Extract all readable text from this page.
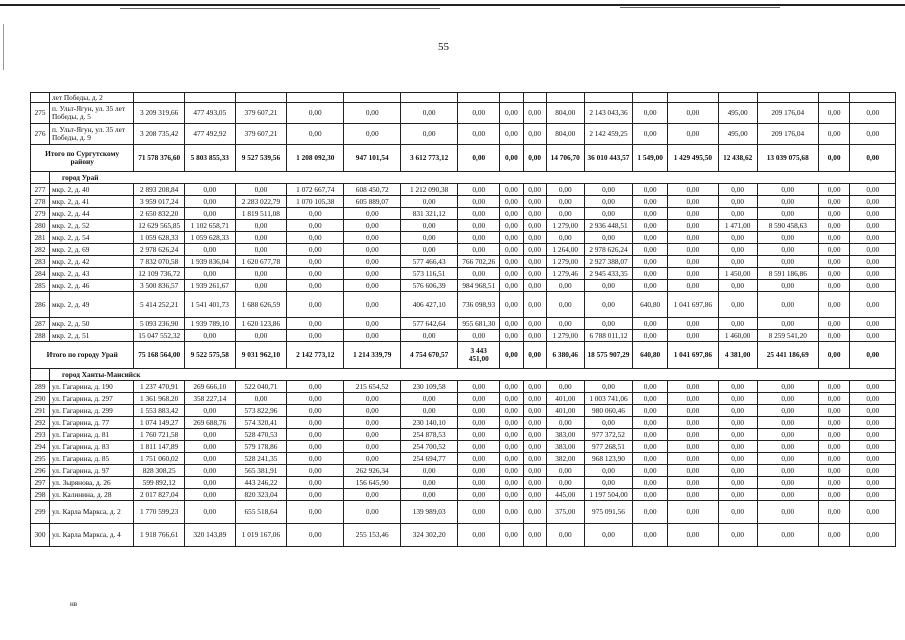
55
	лет Победы, д. 2																	
275	п. Ульт-Ягун, ул. 35 лет Победы, д. 5	3 209 319,66	477 493,05	379 607,21	0,00	0,00	0,00	0,00	0,00	0,00	804,00	2 143 043,36	0,00	0,00	495,00	209 176,04	0,00	0,00
276	п. Ульт-Ягун, ул. 35 лет Победы, д. 9	3 208 735,42	477 492,92	379 607,21	0,00	0,00	0,00	0,00	0,00	0,00	804,00	2 142 459,25	0,00	0,00	495,00	209 176,04	0,00	0,00
Итого по Сургутскому району		71 578 376,60	5 803 855,33	9 527 539,56	1 208 092,30	947 101,54	3 612 773,12	0,00	0,00	0,00	14 706,70	36 010 443,57	1 549,00	1 429 495,50	12 438,62	13 039 075,68	0,00	0,00
	город Урай																	
277	мкр. 2, д. 40	2 893 208,84	0,00	0,00	1 072 667,74	608 450,72	1 212 090,38	0,00	0,00	0,00	0,00	0,00	0,00	0,00	0,00	0,00	0,00	0,00
278	мкр. 2, д. 41	3 959 017,24	0,00	2 283 022,79	1 070 105,38	605 889,07	0,00	0,00	0,00	0,00	0,00	0,00	0,00	0,00	0,00	0,00	0,00	0,00
279	мкр. 2, д. 44	2 650 832,20	0,00	1 819 511,08	0,00	0,00	831 321,12	0,00	0,00	0,00	0,00	0,00	0,00	0,00	0,00	0,00	0,00	0,00
280	мкр. 2, д. 52	12 629 565,85	1 102 658,71	0,00	0,00	0,00	0,00	0,00	0,00	0,00	1 279,00	2 936 448,51	0,00	0,00	1 471,00	8 590 458,63	0,00	0,00
281	мкр. 2, д. 54	1 059 628,33	1 059 628,33	0,00	0,00	0,00	0,00	0,00	0,00	0,00	0,00	0,00	0,00	0,00	0,00	0,00	0,00	0,00
282	мкр. 2, д. 69	2 978 626,24	0,00	0,00	0,00	0,00	0,00	0,00	0,00	0,00	1 264,00	2 978 626,24	0,00	0,00	0,00	0,00	0,00	0,00
283	мкр. 2, д. 42	7 832 070,58	1 939 836,04	1 620 677,78	0,00	0,00	577 466,43	766 702,26	0,00	0,00	1 279,00	2 927 388,07	0,00	0,00	0,00	0,00	0,00	0,00
284	мкр. 2, д. 43	12 109 736,72	0,00	0,00	0,00	0,00	573 116,51	0,00	0,00	0,00	1 279,46	2 945 433,35	0,00	0,00	1 450,00	8 591 186,86	0,00	0,00
285	мкр. 2, д. 46	3 500 836,57	1 939 261,67	0,00	0,00	0,00	576 606,39	984 968,51	0,00	0,00	0,00	0,00	0,00	0,00	0,00	0,00	0,00	0,00
286	мкр. 2, д. 49	5 414 252,21	1 541 401,73	1 688 626,59	0,00	0,00	406 427,10	736 098,93	0,00	0,00	0,00	0,00	640,80	1 041 697,86	0,00	0,00	0,00	0,00
287	мкр. 2, д. 50	5 093 236,90	1 939 789,10	1 620 123,86	0,00	0,00	577 642,64	955 681,30	0,00	0,00	0,00	0,00	0,00	0,00	0,00	0,00	0,00	0,00
288	мкр. 2, д. 51	15 047 552,32	0,00	0,00	0,00	0,00	0,00	0,00	0,00	0,00	1 279,00	6 788 011,12	0,00	0,00	1 460,00	8 259 541,20	0,00	0,00
Итого по городу Урай		75 168 564,00	9 522 575,58	9 031 962,10	2 142 773,12	1 214 339,79	4 754 670,57	3 443 451,00	0,00	0,00	6 380,46	18 575 907,29	640,80	1 041 697,86	4 381,00	25 441 186,69	0,00	0,00
	город Ханты-Мансийск																	
289	ул. Гагарина, д. 190	1 237 470,91	269 666,10	522 040,71	0,00	215 654,52	230 109,58	0,00	0,00	0,00	0,00	0,00	0,00	0,00	0,00	0,00	0,00	0,00
290	ул. Гагарина, д. 297	1 361 968,20	358 227,14	0,00	0,00	0,00	0,00	0,00	0,00	0,00	401,00	1 003 741,06	0,00	0,00	0,00	0,00	0,00	0,00
291	ул. Гагарина, д. 299	1 553 883,42	0,00	573 822,96	0,00	0,00	0,00	0,00	0,00	0,00	401,00	980 060,46	0,00	0,00	0,00	0,00	0,00	0,00
292	ул. Гагарина, д. 77	1 074 149,27	269 688,76	574 320,41	0,00	0,00	230 140,10	0,00	0,00	0,00	0,00	0,00	0,00	0,00	0,00	0,00	0,00	0,00
293	ул. Гагарина, д. 81	1 760 721,58	0,00	528 470,53	0,00	0,00	254 878,53	0,00	0,00	0,00	383,00	977 372,52	0,00	0,00	0,00	0,00	0,00	0,00
294	ул. Гагарина, д. 83	1 811 147,89	0,00	579 178,86	0,00	0,00	254 700,52	0,00	0,00	0,00	383,00	977 268,51	0,00	0,00	0,00	0,00	0,00	0,00
295	ул. Гагарина, д. 85	1 751 060,02	0,00	528 241,35	0,00	0,00	254 694,77	0,00	0,00	0,00	382,00	968 123,90	0,00	0,00	0,00	0,00	0,00	0,00
296	ул. Гагарина, д. 97	828 308,25	0,00	565 381,91	0,00	262 926,34	0,00	0,00	0,00	0,00	0,00	0,00	0,00	0,00	0,00	0,00	0,00	0,00
297	ул. Зырянова, д. 26	599 892,12	0,00	443 246,22	0,00	156 645,90	0,00	0,00	0,00	0,00	0,00	0,00	0,00	0,00	0,00	0,00	0,00	0,00
298	ул. Калинина, д. 28	2 017 827,04	0,00	820 323,04	0,00	0,00	0,00	0,00	0,00	0,00	445,00	1 197 504,00	0,00	0,00	0,00	0,00	0,00	0,00
299	ул. Карла Маркса, д. 2	1 770 599,23	0,00	655 518,64	0,00	0,00	139 989,03	0,00	0,00	0,00	375,00	975 091,56	0,00	0,00	0,00	0,00	0,00	0,00
300	ул. Карла Маркса, д. 4	1 918 766,61	320 143,89	1 019 167,06	0,00	255 153,46	324 302,20	0,00	0,00	0,00	0,00	0,00	0,00	0,00	0,00	0,00	0,00	0,00
нв
